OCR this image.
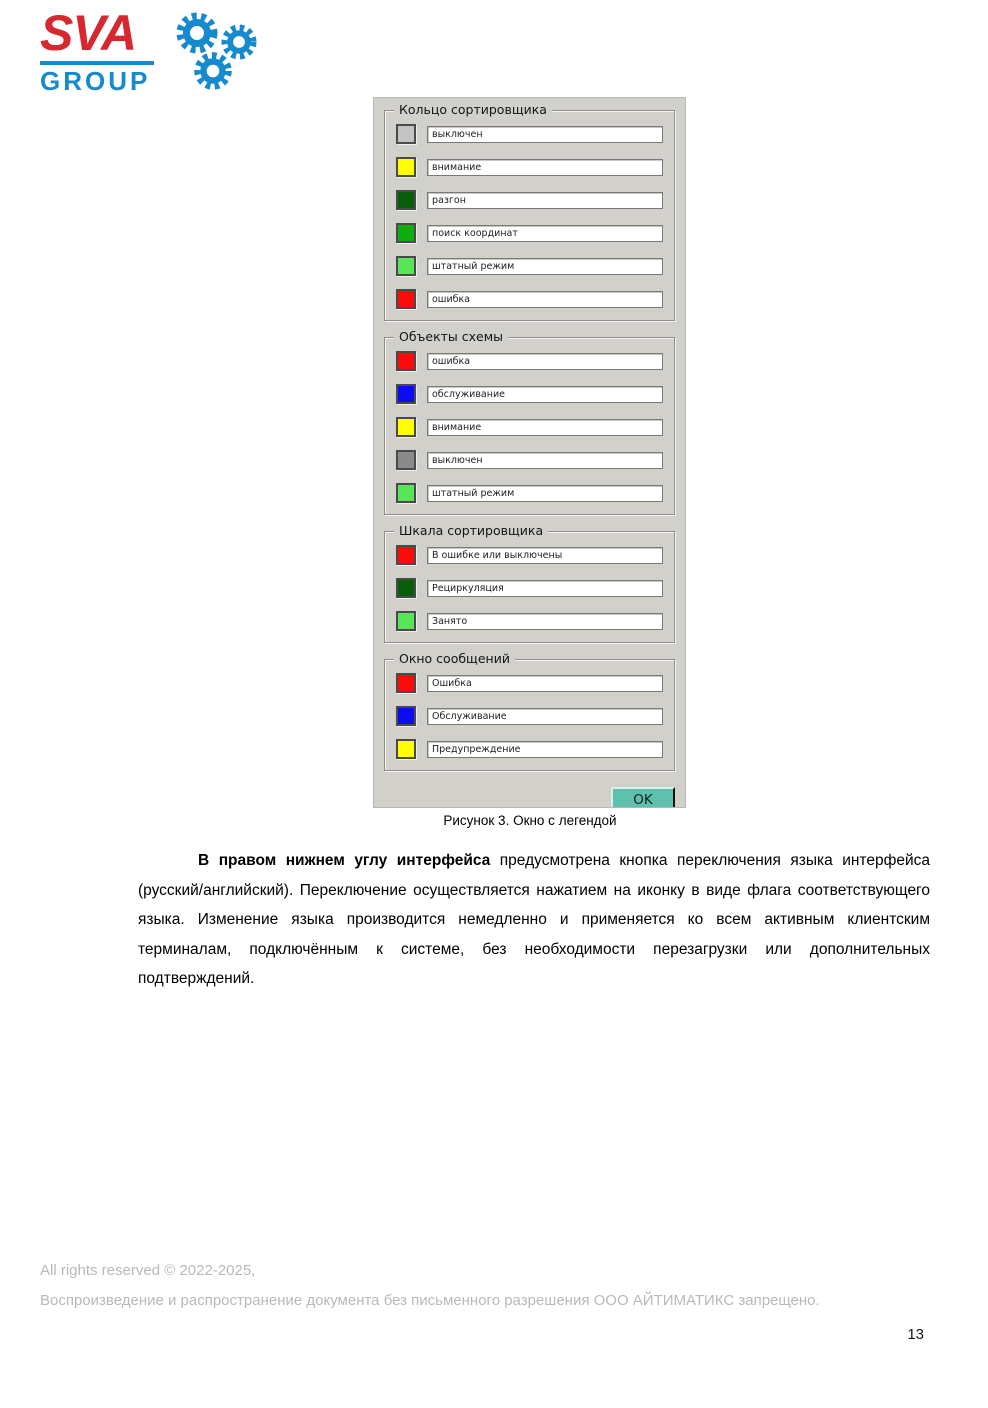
SVA
GROUP
Кольцо сортировщика
выключен
внимание
разгон
поиск координат
штатный режим
ошибка
Объекты схемы
ошибка
обслуживание
внимание
выключен
штатный режим
Шкала сортировщика
В ошибке или выключены
Рециркуляция
Занято
Окно сообщений
Ошибка
Обслуживание
Предупреждение
OK
Рисунок 3. Окно с легендой

В правом нижнем углу интерфейса предусмотрена кнопка переключения языка интерфейса (русский/английский). Переключение осуществляется нажатием на иконку в виде флага соответствующего языка. Изменение языка производится немедленно и применяется ко всем активным клиентским терминалам, подключённым к системе, без необходимости перезагрузки или дополнительных подтверждений.

All rights reserved © 2022-2025,
Воспроизведение и распространение документа без письменного разрешения ООО АЙТИМАТИКС запрещено.
13
